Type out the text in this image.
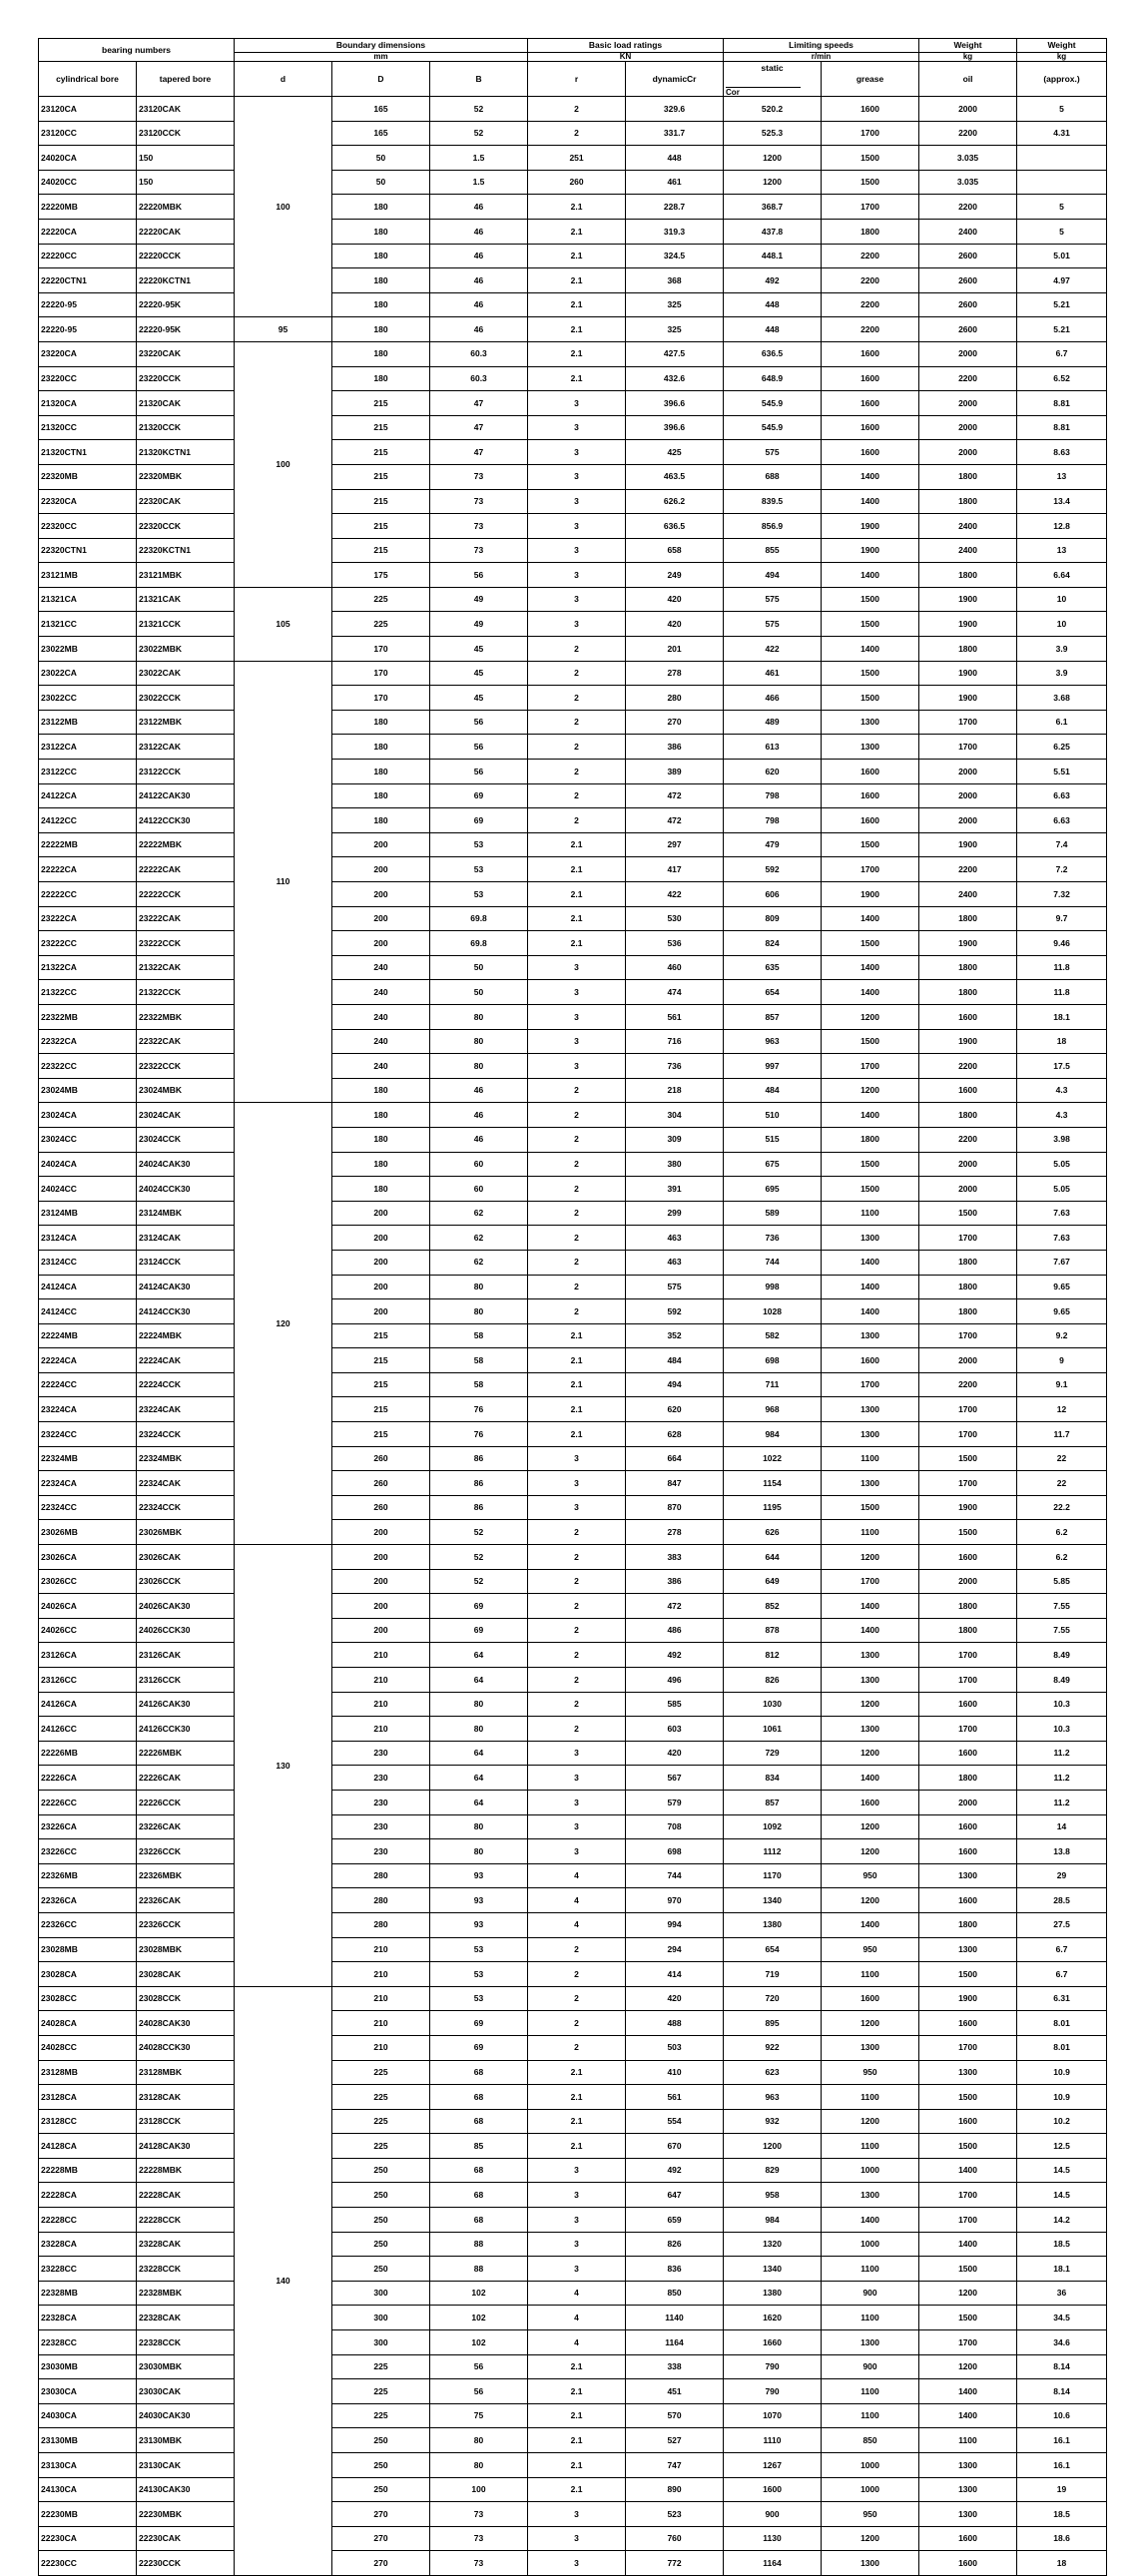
bearing numbers		Boundary dimensions			Basic load ratings		Limiting speeds		Weight	Weight
		mm			KN		r/min		kg	kg
cylindrical bore	tapered bore	d	D	B	r	dynamicCr	static
Cor	grease	oil	(approx.)
23120CA	23120CAK	100	165	52	2	329.6	520.2	1600	2000	5
23120CC	23120CCK		165	52	2	331.7	525.3	1700	2200	4.31
24020CA	150		50	1.5	251	448	1200	1500	3.035	
24020CC	150		50	1.5	260	461	1200	1500	3.035	
22220MB	22220MBK		180	46	2.1	228.7	368.7	1700	2200	5
22220CA	22220CAK		180	46	2.1	319.3	437.8	1800	2400	5
22220CC	22220CCK		180	46	2.1	324.5	448.1	2200	2600	5.01
22220CTN1	22220KCTN1		180	46	2.1	368	492	2200	2600	4.97
22220-95	22220-95K		180	46	2.1	325	448	2200	2600	5.21
22220-95	22220-95K	95	180	46	2.1	325	448	2200	2600	5.21
23220CA	23220CAK	100	180	60.3	2.1	427.5	636.5	1600	2000	6.7
23220CC	23220CCK		180	60.3	2.1	432.6	648.9	1600	2200	6.52
21320CA	21320CAK		215	47	3	396.6	545.9	1600	2000	8.81
21320CC	21320CCK		215	47	3	396.6	545.9	1600	2000	8.81
21320CTN1	21320KCTN1		215	47	3	425	575	1600	2000	8.63
22320MB	22320MBK		215	73	3	463.5	688	1400	1800	13
22320CA	22320CAK		215	73	3	626.2	839.5	1400	1800	13.4
22320CC	22320CCK		215	73	3	636.5	856.9	1900	2400	12.8
22320CTN1	22320KCTN1		215	73	3	658	855	1900	2400	13
23121MB	23121MBK		175	56	3	249	494	1400	1800	6.64
21321CA	21321CAK	105	225	49	3	420	575	1500	1900	10
21321CC	21321CCK		225	49	3	420	575	1500	1900	10
23022MB	23022MBK		170	45	2	201	422	1400	1800	3.9
23022CA	23022CAK	110	170	45	2	278	461	1500	1900	3.9
23022CC	23022CCK		170	45	2	280	466	1500	1900	3.68
23122MB	23122MBK		180	56	2	270	489	1300	1700	6.1
23122CA	23122CAK		180	56	2	386	613	1300	1700	6.25
23122CC	23122CCK		180	56	2	389	620	1600	2000	5.51
24122CA	24122CAK30		180	69	2	472	798	1600	2000	6.63
24122CC	24122CCK30		180	69	2	472	798	1600	2000	6.63
22222MB	22222MBK		200	53	2.1	297	479	1500	1900	7.4
22222CA	22222CAK		200	53	2.1	417	592	1700	2200	7.2
22222CC	22222CCK		200	53	2.1	422	606	1900	2400	7.32
23222CA	23222CAK		200	69.8	2.1	530	809	1400	1800	9.7
23222CC	23222CCK		200	69.8	2.1	536	824	1500	1900	9.46
21322CA	21322CAK		240	50	3	460	635	1400	1800	11.8
21322CC	21322CCK		240	50	3	474	654	1400	1800	11.8
22322MB	22322MBK		240	80	3	561	857	1200	1600	18.1
22322CA	22322CAK		240	80	3	716	963	1500	1900	18
22322CC	22322CCK		240	80	3	736	997	1700	2200	17.5
23024MB	23024MBK		180	46	2	218	484	1200	1600	4.3
23024CA	23024CAK	120	180	46	2	304	510	1400	1800	4.3
23024CC	23024CCK		180	46	2	309	515	1800	2200	3.98
24024CA	24024CAK30		180	60	2	380	675	1500	2000	5.05
24024CC	24024CCK30		180	60	2	391	695	1500	2000	5.05
23124MB	23124MBK		200	62	2	299	589	1100	1500	7.63
23124CA	23124CAK		200	62	2	463	736	1300	1700	7.63
23124CC	23124CCK		200	62	2	463	744	1400	1800	7.67
24124CA	24124CAK30		200	80	2	575	998	1400	1800	9.65
24124CC	24124CCK30		200	80	2	592	1028	1400	1800	9.65
22224MB	22224MBK		215	58	2.1	352	582	1300	1700	9.2
22224CA	22224CAK		215	58	2.1	484	698	1600	2000	9
22224CC	22224CCK		215	58	2.1	494	711	1700	2200	9.1
23224CA	23224CAK		215	76	2.1	620	968	1300	1700	12
23224CC	23224CCK		215	76	2.1	628	984	1300	1700	11.7
22324MB	22324MBK		260	86	3	664	1022	1100	1500	22
22324CA	22324CAK		260	86	3	847	1154	1300	1700	22
22324CC	22324CCK		260	86	3	870	1195	1500	1900	22.2
23026MB	23026MBK		200	52	2	278	626	1100	1500	6.2
23026CA	23026CAK	130	200	52	2	383	644	1200	1600	6.2
23026CC	23026CCK		200	52	2	386	649	1700	2000	5.85
24026CA	24026CAK30		200	69	2	472	852	1400	1800	7.55
24026CC	24026CCK30		200	69	2	486	878	1400	1800	7.55
23126CA	23126CAK		210	64	2	492	812	1300	1700	8.49
23126CC	23126CCK		210	64	2	496	826	1300	1700	8.49
24126CA	24126CAK30		210	80	2	585	1030	1200	1600	10.3
24126CC	24126CCK30		210	80	2	603	1061	1300	1700	10.3
22226MB	22226MBK		230	64	3	420	729	1200	1600	11.2
22226CA	22226CAK		230	64	3	567	834	1400	1800	11.2
22226CC	22226CCK		230	64	3	579	857	1600	2000	11.2
23226CA	23226CAK		230	80	3	708	1092	1200	1600	14
23226CC	23226CCK		230	80	3	698	1112	1200	1600	13.8
22326MB	22326MBK		280	93	4	744	1170	950	1300	29
22326CA	22326CAK		280	93	4	970	1340	1200	1600	28.5
22326CC	22326CCK		280	93	4	994	1380	1400	1800	27.5
23028MB	23028MBK		210	53	2	294	654	950	1300	6.7
23028CA	23028CAK		210	53	2	414	719	1100	1500	6.7
23028CC	23028CCK	140	210	53	2	420	720	1600	1900	6.31
24028CA	24028CAK30		210	69	2	488	895	1200	1600	8.01
24028CC	24028CCK30		210	69	2	503	922	1300	1700	8.01
23128MB	23128MBK		225	68	2.1	410	623	950	1300	10.9
23128CA	23128CAK		225	68	2.1	561	963	1100	1500	10.9
23128CC	23128CCK		225	68	2.1	554	932	1200	1600	10.2
24128CA	24128CAK30		225	85	2.1	670	1200	1100	1500	12.5
22228MB	22228MBK		250	68	3	492	829	1000	1400	14.5
22228CA	22228CAK		250	68	3	647	958	1300	1700	14.5
22228CC	22228CCK		250	68	3	659	984	1400	1700	14.2
23228CA	23228CAK		250	88	3	826	1320	1000	1400	18.5
23228CC	23228CCK		250	88	3	836	1340	1100	1500	18.1
22328MB	22328MBK		300	102	4	850	1380	900	1200	36
22328CA	22328CAK		300	102	4	1140	1620	1100	1500	34.5
22328CC	22328CCK		300	102	4	1164	1660	1300	1700	34.6
23030MB	23030MBK		225	56	2.1	338	790	900	1200	8.14
23030CA	23030CAK		225	56	2.1	451	790	1100	1400	8.14
24030CA	24030CAK30		225	75	2.1	570	1070	1100	1400	10.6
23130MB	23130MBK		250	80	2.1	527	1110	850	1100	16.1
23130CA	23130CAK		250	80	2.1	747	1267	1000	1300	16.1
24130CA	24130CAK30		250	100	2.1	890	1600	1000	1300	19
22230MB	22230MBK		270	73	3	523	900	950	1300	18.5
22230CA	22230CAK		270	73	3	760	1130	1200	1600	18.6
22230CC	22230CCK		270	73	3	772	1164	1300	1600	18
